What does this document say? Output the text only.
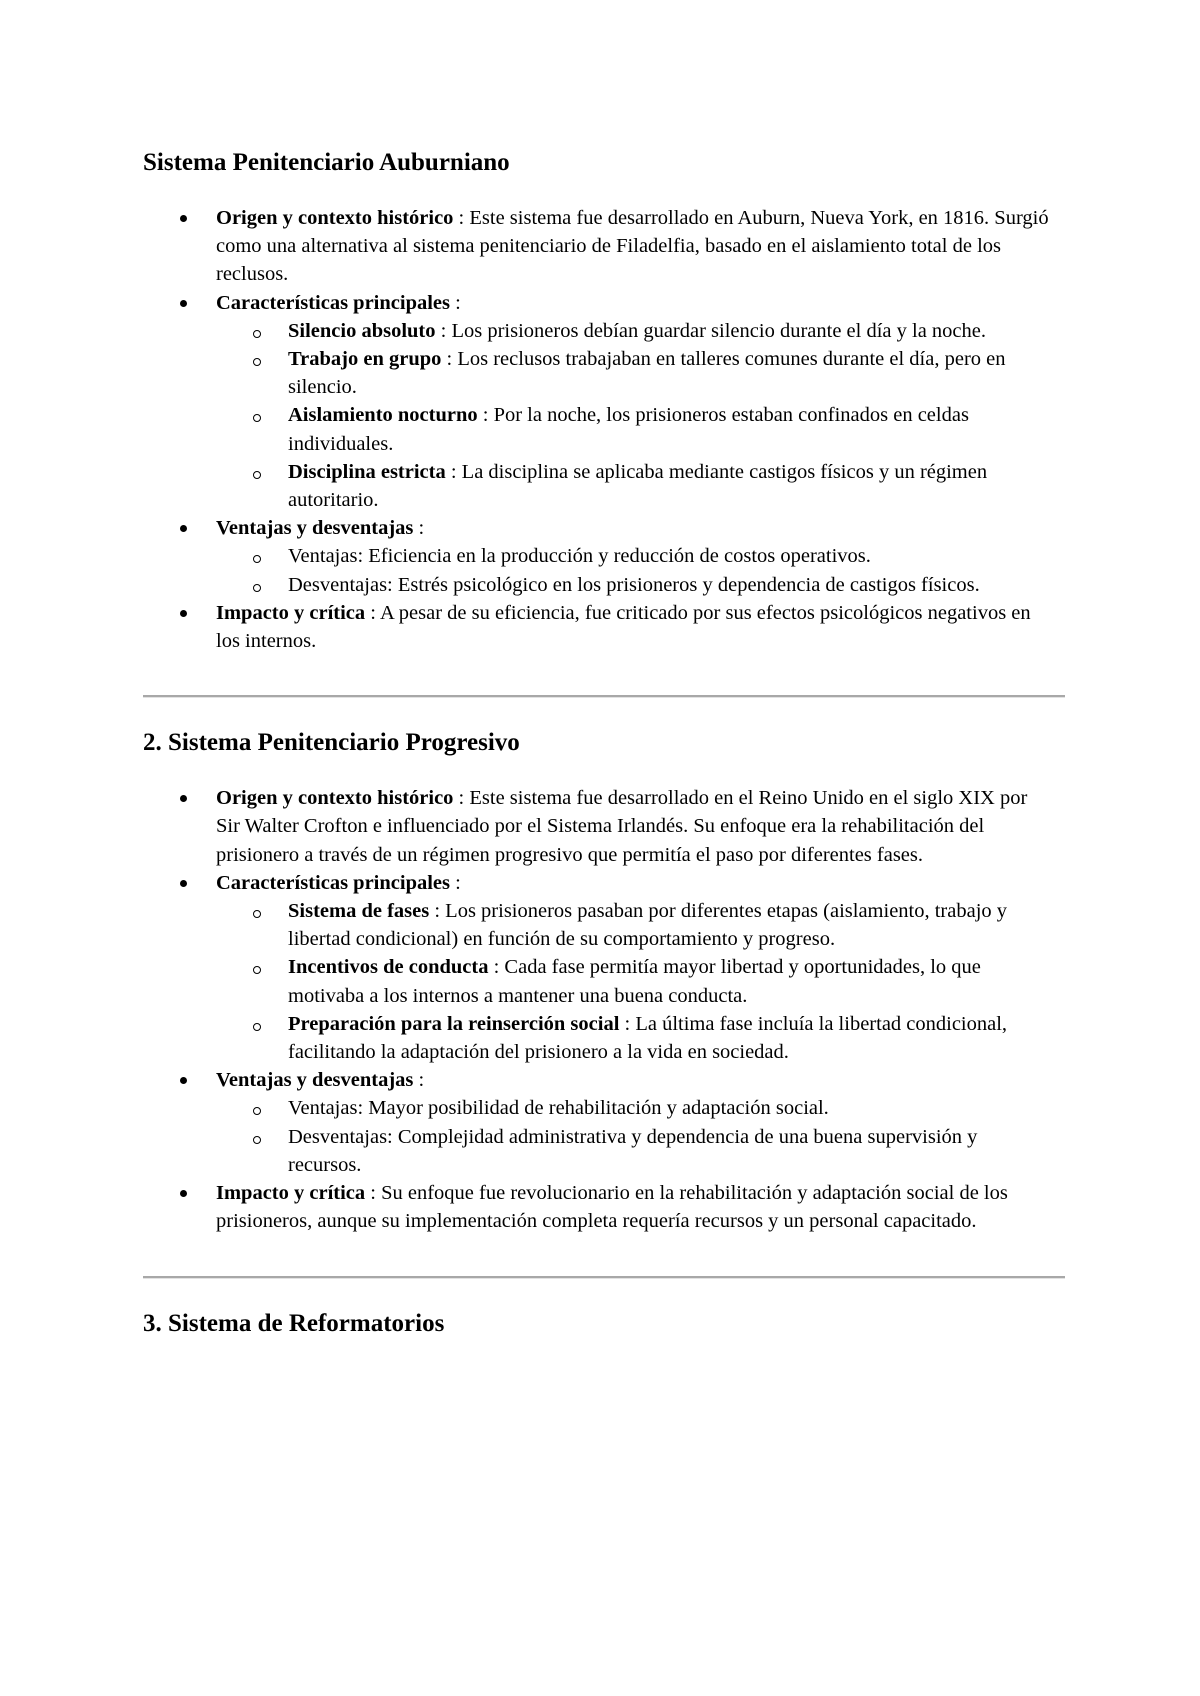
Sistema Penitenciario Auburniano
Origen y contexto histórico : Este sistema fue desarrollado en Auburn, Nueva York, en 1816. Surgió como una alternativa al sistema penitenciario de Filadelfia, basado en el aislamiento total de los reclusos.
Características principales :
Silencio absoluto : Los prisioneros debían guardar silencio durante el día y la noche.
Trabajo en grupo : Los reclusos trabajaban en talleres comunes durante el día, pero en silencio.
Aislamiento nocturno : Por la noche, los prisioneros estaban confinados en celdas individuales.
Disciplina estricta : La disciplina se aplicaba mediante castigos físicos y un régimen autoritario.
Ventajas y desventajas :
Ventajas: Eficiencia en la producción y reducción de costos operativos.
Desventajas: Estrés psicológico en los prisioneros y dependencia de castigos físicos.
Impacto y crítica : A pesar de su eficiencia, fue criticado por sus efectos psicológicos negativos en los internos.
2. Sistema Penitenciario Progresivo
Origen y contexto histórico : Este sistema fue desarrollado en el Reino Unido en el siglo XIX por Sir Walter Crofton e influenciado por el Sistema Irlandés. Su enfoque era la rehabilitación del prisionero a través de un régimen progresivo que permitía el paso por diferentes fases.
Características principales :
Sistema de fases : Los prisioneros pasaban por diferentes etapas (aislamiento, trabajo y libertad condicional) en función de su comportamiento y progreso.
Incentivos de conducta : Cada fase permitía mayor libertad y oportunidades, lo que motivaba a los internos a mantener una buena conducta.
Preparación para la reinserción social : La última fase incluía la libertad condicional, facilitando la adaptación del prisionero a la vida en sociedad.
Ventajas y desventajas :
Ventajas: Mayor posibilidad de rehabilitación y adaptación social.
Desventajas: Complejidad administrativa y dependencia de una buena supervisión y recursos.
Impacto y crítica : Su enfoque fue revolucionario en la rehabilitación y adaptación social de los prisioneros, aunque su implementación completa requería recursos y un personal capacitado.
3. Sistema de Reformatorios
